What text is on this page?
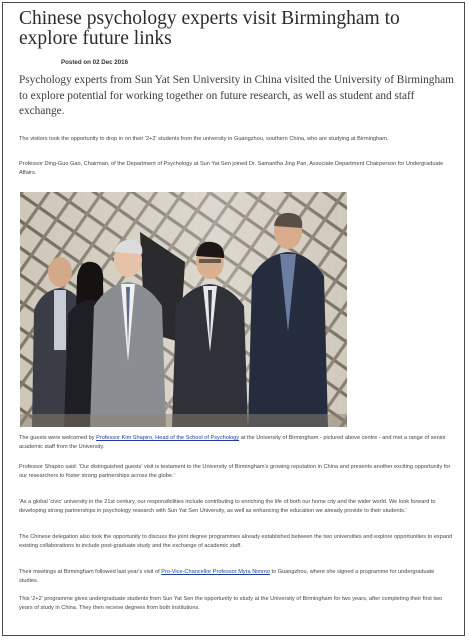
Chinese psychology experts visit Birmingham to explore future links
Posted on 02 Dec 2016

Psychology experts from Sun Yat Sen University in China visited the University of Birmingham to explore potential for working together on future research, as well as student and staff exchange.

The visitors took the opportunity to drop in on their '2+2' students from the university in Guangzhou, southern China, who are studying at Birmingham.

Professor Ding-Guo Gao, Chairman, of the Department of Psychology at Sun Yat Sen joined Dr. Samantha Jing Pan, Associate Department Chairperson for Undergraduate Affairs.

The guests were welcomed by Professor Kim Shapiro, Head of the School of Psychology at the University of Birmingham - pictured above centre - and met a range of senior academic staff from the University.

Professor Shapiro said: 'Our distinguished guests' visit is testament to the University of Birmingham's growing reputation in China and presents another exciting opportunity for our researchers to foster strong partnerships across the globe.'

'As a global 'civic' university in the 21st century, our responsibilities include contributing to enriching the life of both our home city and the wider world. We look forward to developing strong partnerships in psychology research with Sun Yat Sen University, as well as enhancing the education we already provide to their students.'

The Chinese delegation also took the opportunity to discuss the joint degree programmes already established between the two universities and explore opportunities to expand existing collaborations to include post-graduate study and the exchange of academic staff.

Their meetings at Birmingham followed last year's visit of Pro-Vice-Chancellor Professor Myra Nimmo to Guangzhou, where she signed a programme for undergraduate studies.

This '2+2' programme gives undergraduate students from Sun Yat Sen the opportunity to study at the University of Birmingham for two years, after completing their first two years of study in China. They then receive degrees from both institutions.
